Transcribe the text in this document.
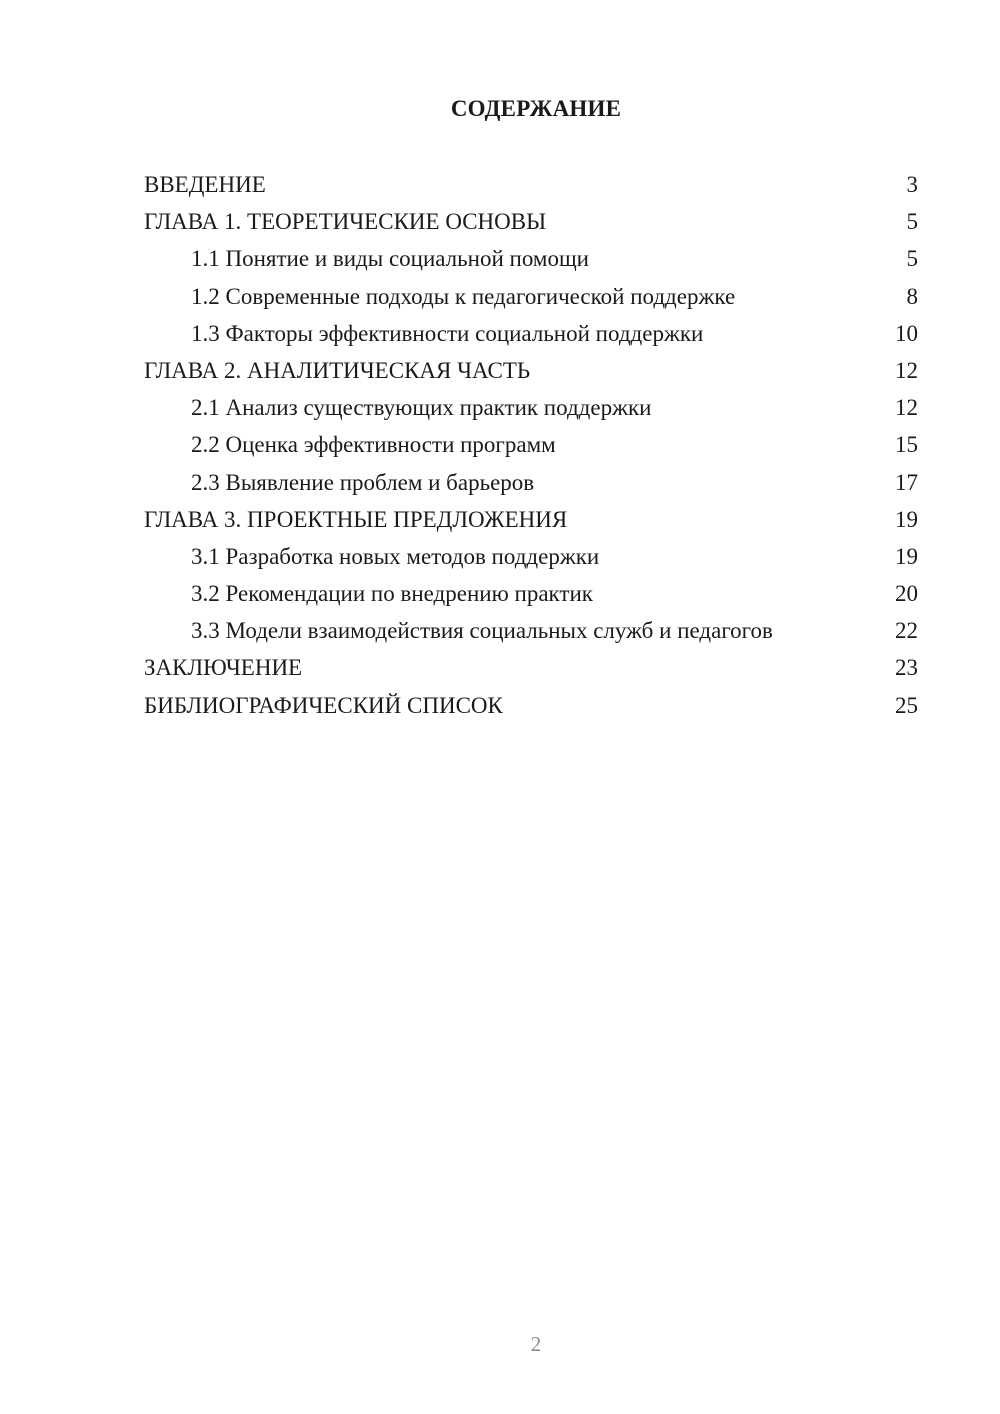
СОДЕРЖАНИЕ
ВВЕДЕНИЕ	3
ГЛАВА 1. ТЕОРЕТИЧЕСКИЕ ОСНОВЫ	5
1.1 Понятие и виды социальной помощи	5
1.2 Современные подходы к педагогической поддержке	8
1.3 Факторы эффективности социальной поддержки	10
ГЛАВА 2. АНАЛИТИЧЕСКАЯ ЧАСТЬ	12
2.1 Анализ существующих практик поддержки	12
2.2 Оценка эффективности программ	15
2.3 Выявление проблем и барьеров	17
ГЛАВА 3. ПРОЕКТНЫЕ ПРЕДЛОЖЕНИЯ	19
3.1 Разработка новых методов поддержки	19
3.2 Рекомендации по внедрению практик	20
3.3 Модели взаимодействия социальных служб и педагогов	22
ЗАКЛЮЧЕНИЕ	23
БИБЛИОГРАФИЧЕСКИЙ СПИСОК	25
2
